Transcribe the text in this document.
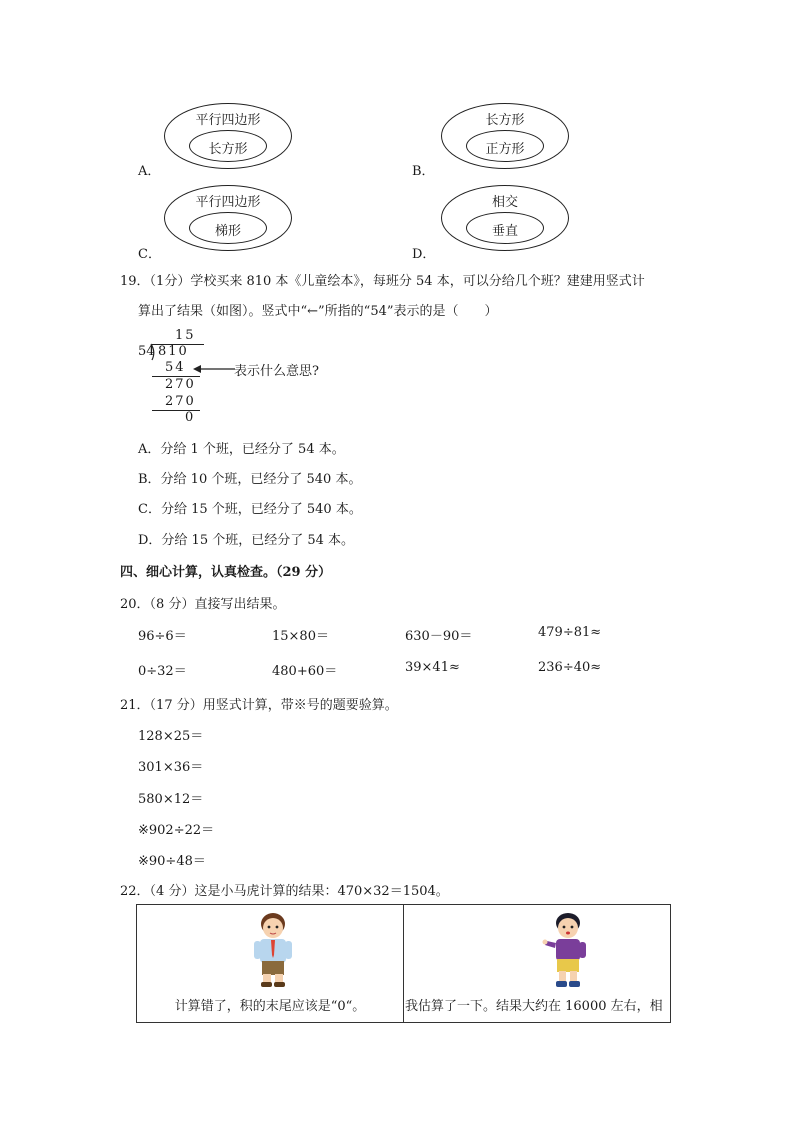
平行四边形
长方形
A．
长方形
正方形
B．
平行四边形
梯形
C．
相交
垂直
D．
19．（1分）学校买来 810 本《儿童绘本》，每班分 54 本，可以分给几个班？建建用竖式计
算出了结果（如图）。竖式中“←”所指的“54”表示的是（　　）
15
54 810
54	表示什么意思?
270
270
0
A．分给 1 个班，已经分了 54 本。
B．分给 10 个班，已经分了 540 本。
C．分给 15 个班，已经分了 540 本。
D．分给 15 个班，已经分了 54 本。
四、细心计算，认真检查。（29 分）
20．（8 分）直接写出结果。
96÷6＝	15×80＝	630－90＝	479÷81≈
0÷32＝	480+60＝	39×41≈	236÷40≈
21．（17 分）用竖式计算，带※号的题要验算。
128×25＝
301×36＝
580×12＝
※902÷22＝
※90÷48＝
22．（4 分）这是小马虎计算的结果：470×32＝1504。
计算错了，积的末尾应该是“0“。	我估算了一下。结果大约在 16000 左右，相
